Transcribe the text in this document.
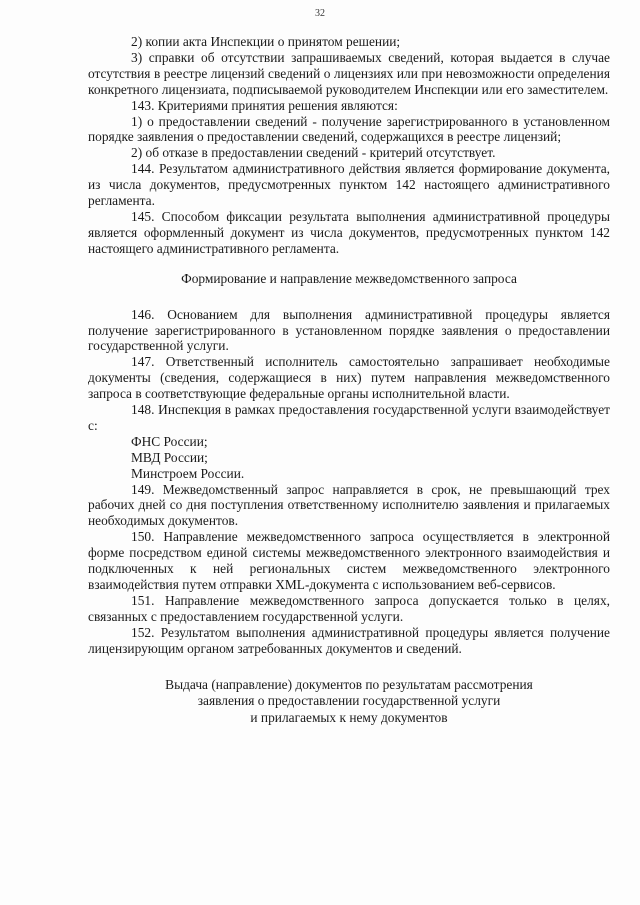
32

2) копии акта Инспекции о принятом решении;

3) справки об отсутствии запрашиваемых сведений, которая выдается в случае отсутствия в реестре лицензий сведений о лицензиях или при невозможности определения конкретного лицензиата, подписываемой руководителем Инспекции или его заместителем.

143. Критериями принятия решения являются:

1) о предоставлении сведений - получение зарегистрированного в установленном порядке заявления о предоставлении сведений, содержащихся в реестре лицензий;

2) об отказе в предоставлении сведений - критерий отсутствует.

144. Результатом административного действия является формирование документа, из числа документов, предусмотренных пунктом 142 настоящего административного регламента.

145. Способом фиксации результата выполнения административной процедуры является оформленный документ из числа документов, предусмотренных пунктом 142 настоящего административного регламента.

Формирование и направление межведомственного запроса

146. Основанием для выполнения административной процедуры является получение зарегистрированного в установленном порядке заявления о предоставлении государственной услуги.

147. Ответственный исполнитель самостоятельно запрашивает необходимые документы (сведения, содержащиеся в них) путем направления межведомственного запроса в соответствующие федеральные органы исполнительной власти.

148. Инспекция в рамках предоставления государственной услуги взаимодействует с:

ФНС России;

МВД России;

Минстроем России.

149. Межведомственный запрос направляется в срок, не превышающий трех рабочих дней со дня поступления ответственному исполнителю заявления и прилагаемых необходимых документов.

150. Направление межведомственного запроса осуществляется в электронной форме посредством единой системы межведомственного электронного взаимодействия и подключенных к ней региональных систем межведомственного электронного взаимодействия путем отправки XML-документа с использованием веб-сервисов.

151. Направление межведомственного запроса допускается только в целях, связанных с предоставлением государственной услуги.

152. Результатом выполнения административной процедуры является получение лицензирующим органом затребованных документов и сведений.

Выдача (направление) документов по результатам рассмотрения
заявления о предоставлении государственной услуги
и прилагаемых к нему документов
